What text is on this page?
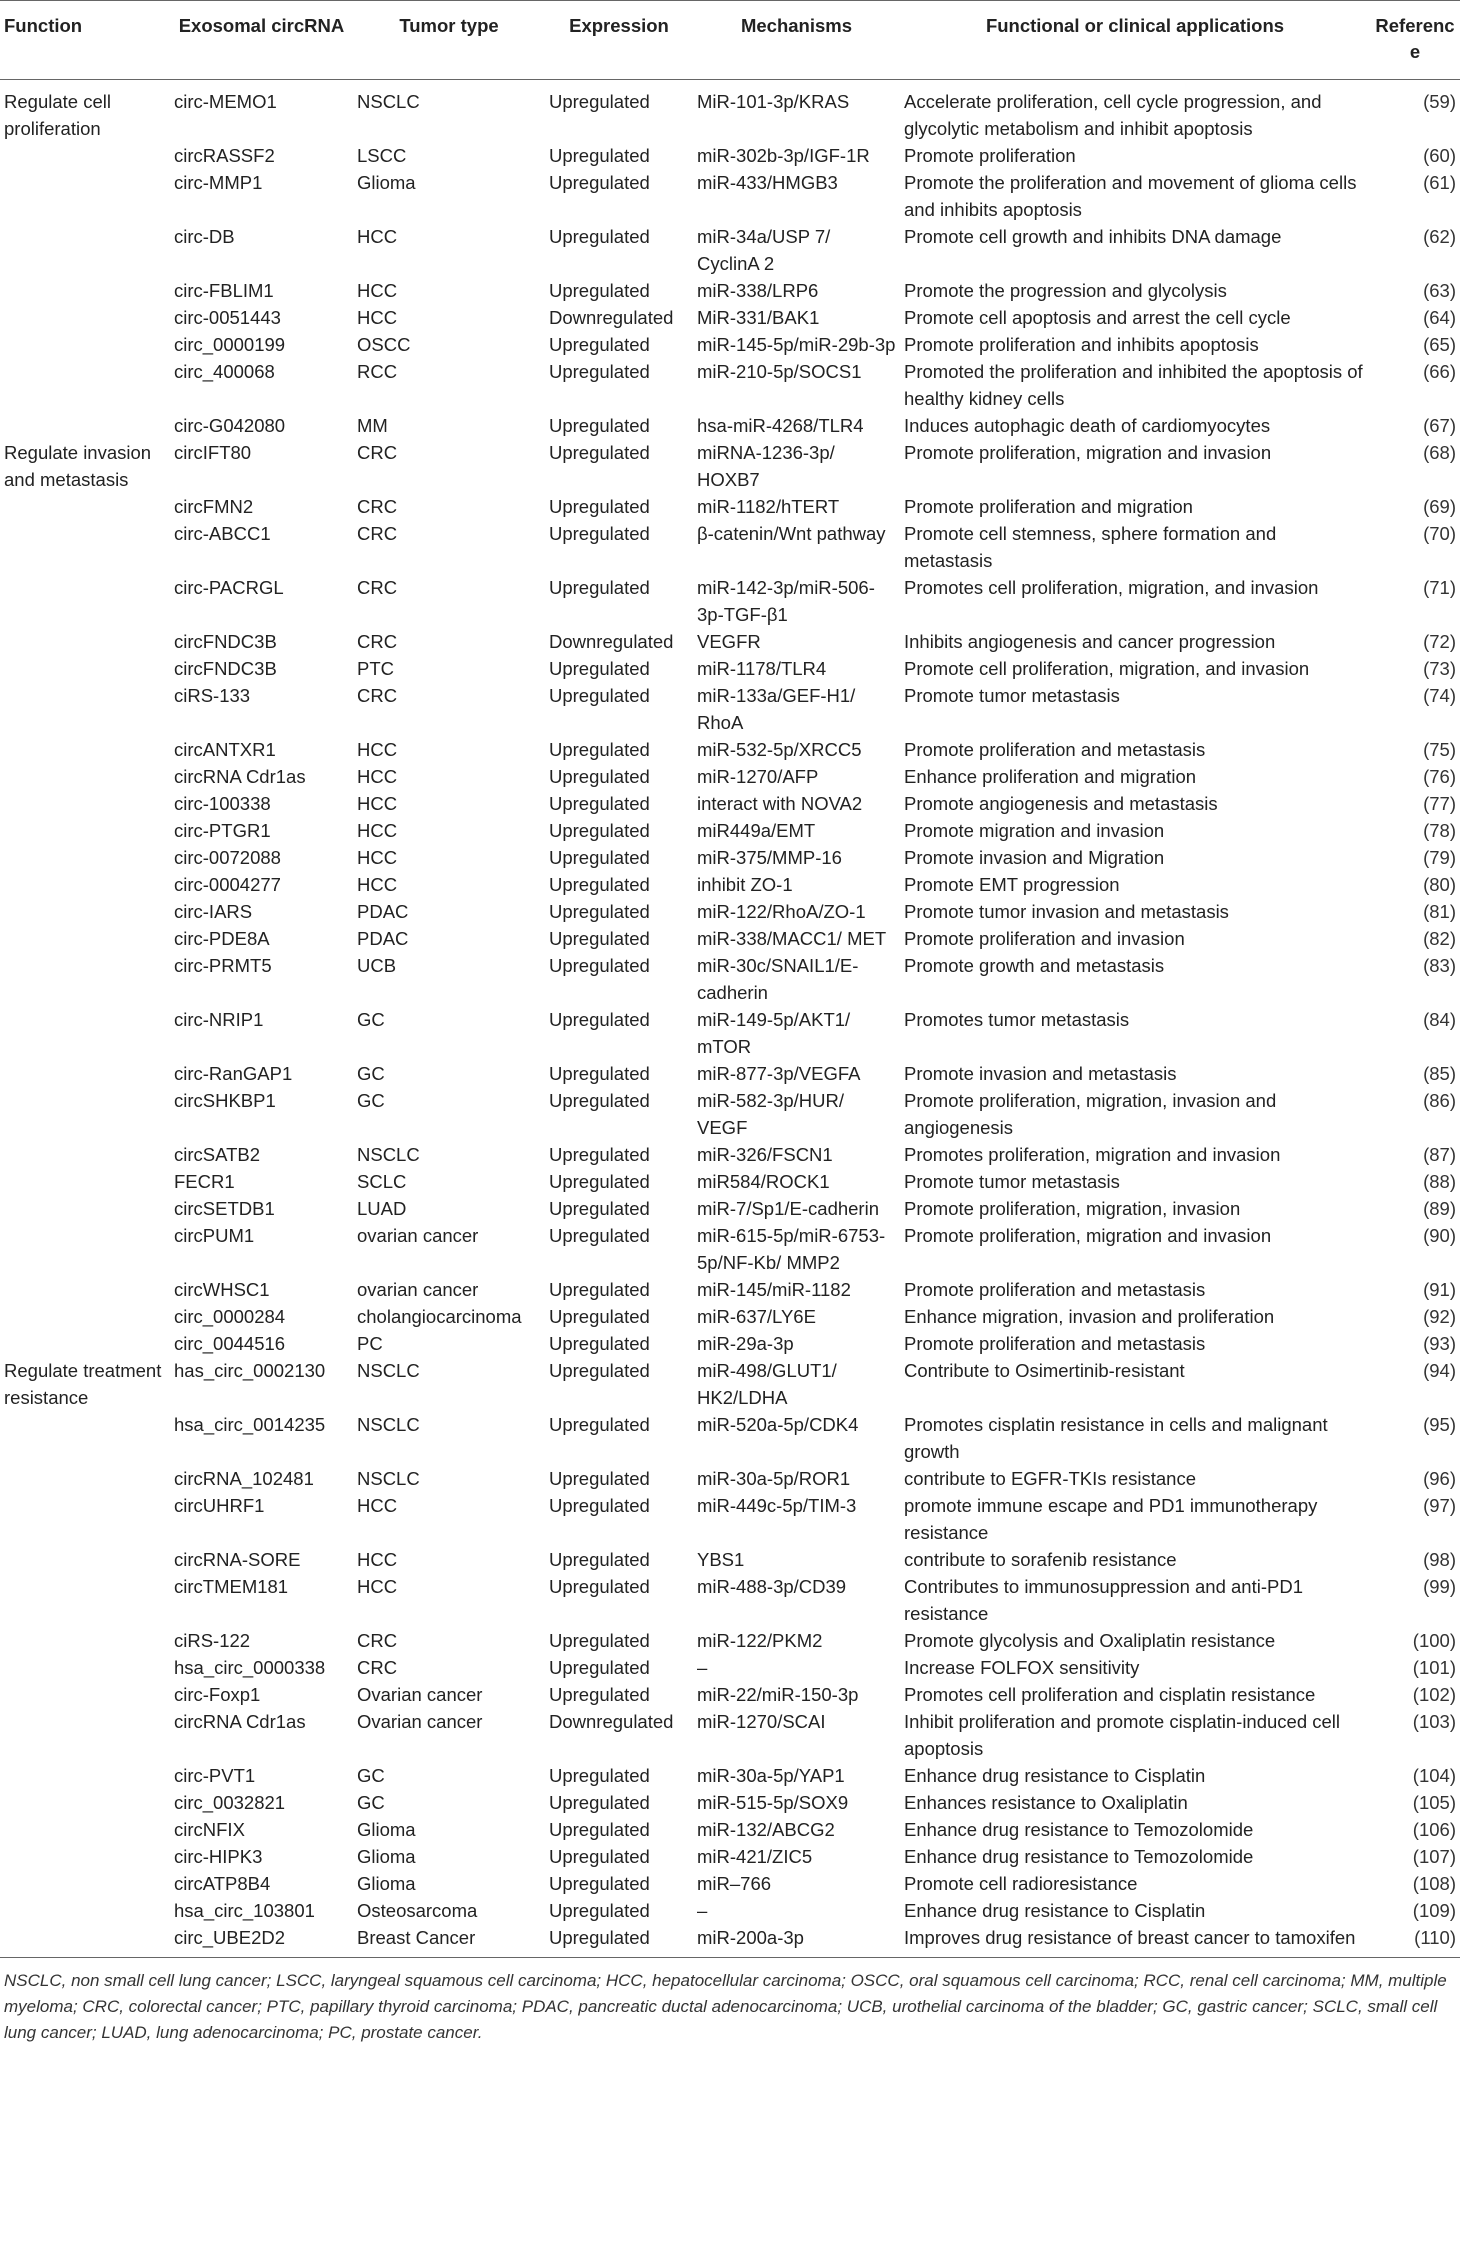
Function	Exosomal circRNA	Tumor type	Expression	Mechanisms	Functional or clinical applications	Reference
Regulate cell proliferation	circ-MEMO1	NSCLC	Upregulated	MiR-101-3p/KRAS	Accelerate proliferation, cell cycle progression, and glycolytic metabolism and inhibit apoptosis	(59)
	circRASSF2	LSCC	Upregulated	miR-302b-3p/IGF-1R	Promote proliferation	(60)
	circ-MMP1	Glioma	Upregulated	miR-433/HMGB3	Promote the proliferation and movement of glioma cells and inhibits apoptosis	(61)
	circ-DB	HCC	Upregulated	miR-34a/USP 7/ CyclinA 2	Promote cell growth and inhibits DNA damage	(62)
	circ-FBLIM1	HCC	Upregulated	miR-338/LRP6	Promote the progression and glycolysis	(63)
	circ-0051443	HCC	Downregulated	MiR-331/BAK1	Promote cell apoptosis and arrest the cell cycle	(64)
	circ_0000199	OSCC	Upregulated	miR-145-5p/miR-29b-3p	Promote proliferation and inhibits apoptosis	(65)
	circ_400068	RCC	Upregulated	miR-210-5p/SOCS1	Promoted the proliferation and inhibited the apoptosis of healthy kidney cells	(66)
	circ-G042080	MM	Upregulated	hsa-miR-4268/TLR4	Induces autophagic death of cardiomyocytes	(67)
Regulate invasion and metastasis	circIFT80	CRC	Upregulated	miRNA-1236-3p/ HOXB7	Promote proliferation, migration and invasion	(68)
	circFMN2	CRC	Upregulated	miR-1182/hTERT	Promote proliferation and migration	(69)
	circ-ABCC1	CRC	Upregulated	β-catenin/Wnt pathway	Promote cell stemness, sphere formation and metastasis	(70)
	circ-PACRGL	CRC	Upregulated	miR-142-3p/miR-506-3p-TGF-β1	Promotes cell proliferation, migration, and invasion	(71)
	circFNDC3B	CRC	Downregulated	VEGFR	Inhibits angiogenesis and cancer progression	(72)
	circFNDC3B	PTC	Upregulated	miR-1178/TLR4	Promote cell proliferation, migration, and invasion	(73)
	ciRS-133	CRC	Upregulated	miR-133a/GEF-H1/ RhoA	Promote tumor metastasis	(74)
	circANTXR1	HCC	Upregulated	miR-532-5p/XRCC5	Promote proliferation and metastasis	(75)
	circRNA Cdr1as	HCC	Upregulated	miR-1270/AFP	Enhance proliferation and migration	(76)
	circ-100338	HCC	Upregulated	interact with NOVA2	Promote angiogenesis and metastasis	(77)
	circ-PTGR1	HCC	Upregulated	miR449a/EMT	Promote migration and invasion	(78)
	circ-0072088	HCC	Upregulated	miR-375/MMP-16	Promote invasion and Migration	(79)
	circ-0004277	HCC	Upregulated	inhibit ZO-1	Promote EMT progression	(80)
	circ-IARS	PDAC	Upregulated	miR-122/RhoA/ZO-1	Promote tumor invasion and metastasis	(81)
	circ-PDE8A	PDAC	Upregulated	miR-338/MACC1/ MET	Promote proliferation and invasion	(82)
	circ-PRMT5	UCB	Upregulated	miR-30c/SNAIL1/E-cadherin	Promote growth and metastasis	(83)
	circ-NRIP1	GC	Upregulated	miR-149-5p/AKT1/ mTOR	Promotes tumor metastasis	(84)
	circ-RanGAP1	GC	Upregulated	miR-877-3p/VEGFA	Promote invasion and metastasis	(85)
	circSHKBP1	GC	Upregulated	miR-582-3p/HUR/ VEGF	Promote proliferation, migration, invasion and angiogenesis	(86)
	circSATB2	NSCLC	Upregulated	miR-326/FSCN1	Promotes proliferation, migration and invasion	(87)
	FECR1	SCLC	Upregulated	miR584/ROCK1	Promote tumor metastasis	(88)
	circSETDB1	LUAD	Upregulated	miR-7/Sp1/E-cadherin	Promote proliferation, migration, invasion	(89)
	circPUM1	ovarian cancer	Upregulated	miR-615-5p/miR-6753-5p/NF-Kb/ MMP2	Promote proliferation, migration and invasion	(90)
	circWHSC1	ovarian cancer	Upregulated	miR-145/miR-1182	Promote proliferation and metastasis	(91)
	circ_0000284	cholangiocarcinoma	Upregulated	miR-637/LY6E	Enhance migration, invasion and proliferation	(92)
	circ_0044516	PC	Upregulated	miR-29a-3p	Promote proliferation and metastasis	(93)
Regulate treatment resistance	has_circ_0002130	NSCLC	Upregulated	miR-498/GLUT1/ HK2/LDHA	Contribute to Osimertinib-resistant	(94)
	hsa_circ_0014235	NSCLC	Upregulated	miR-520a-5p/CDK4	Promotes cisplatin resistance in cells and malignant growth	(95)
	circRNA_102481	NSCLC	Upregulated	miR-30a-5p/ROR1	contribute to EGFR-TKIs resistance	(96)
	circUHRF1	HCC	Upregulated	miR-449c-5p/TIM-3	promote immune escape and PD1 immunotherapy resistance	(97)
	circRNA-SORE	HCC	Upregulated	YBS1	contribute to sorafenib resistance	(98)
	circTMEM181	HCC	Upregulated	miR-488-3p/CD39	Contributes to immunosuppression and anti-PD1 resistance	(99)
	ciRS-122	CRC	Upregulated	miR-122/PKM2	Promote glycolysis and Oxaliplatin resistance	(100)
	hsa_circ_0000338	CRC	Upregulated	–	Increase FOLFOX sensitivity	(101)
	circ-Foxp1	Ovarian cancer	Upregulated	miR-22/miR-150-3p	Promotes cell proliferation and cisplatin resistance	(102)
	circRNA Cdr1as	Ovarian cancer	Downregulated	miR-1270/SCAI	Inhibit proliferation and promote cisplatin-induced cell apoptosis	(103)
	circ-PVT1	GC	Upregulated	miR-30a-5p/YAP1	Enhance drug resistance to Cisplatin	(104)
	circ_0032821	GC	Upregulated	miR-515-5p/SOX9	Enhances resistance to Oxaliplatin	(105)
	circNFIX	Glioma	Upregulated	miR-132/ABCG2	Enhance drug resistance to Temozolomide	(106)
	circ-HIPK3	Glioma	Upregulated	miR-421/ZIC5	Enhance drug resistance to Temozolomide	(107)
	circATP8B4	Glioma	Upregulated	miR–766	Promote cell radioresistance	(108)
	hsa_circ_103801	Osteosarcoma	Upregulated	–	Enhance drug resistance to Cisplatin	(109)
	circ_UBE2D2	Breast Cancer	Upregulated	miR-200a-3p	Improves drug resistance of breast cancer to tamoxifen	(110)
NSCLC, non small cell lung cancer; LSCC, laryngeal squamous cell carcinoma; HCC, hepatocellular carcinoma; OSCC, oral squamous cell carcinoma; RCC, renal cell carcinoma; MM, multiple myeloma; CRC, colorectal cancer; PTC, papillary thyroid carcinoma; PDAC, pancreatic ductal adenocarcinoma; UCB, urothelial carcinoma of the bladder; GC, gastric cancer; SCLC, small cell lung cancer; LUAD, lung adenocarcinoma; PC, prostate cancer.
